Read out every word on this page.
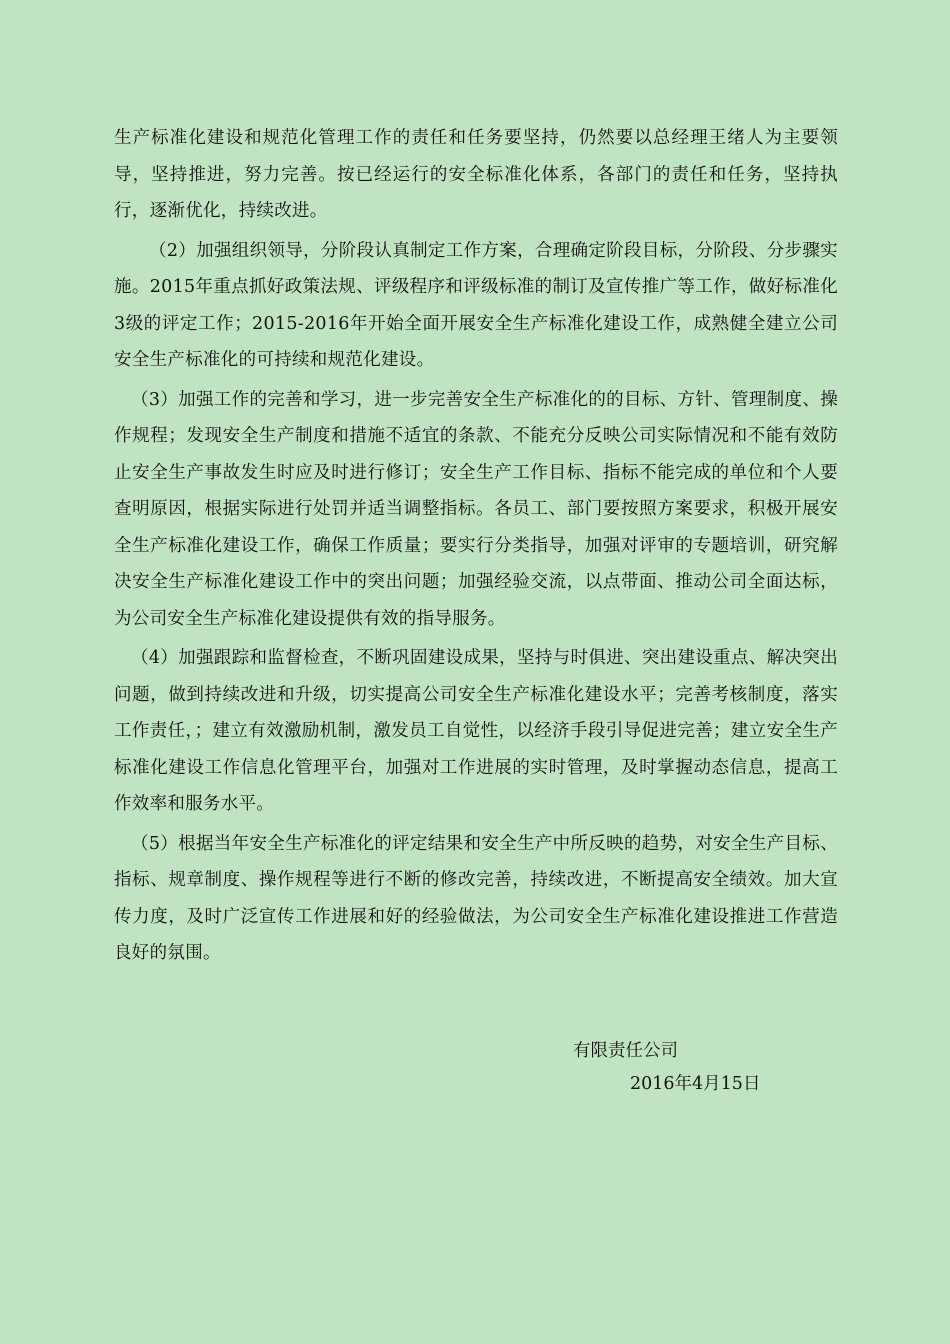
生产标准化建设和规范化管理工作的责任和任务要坚持，仍然要以总经理王绪人为主要领导，坚持推进，努力完善。按已经运行的安全标准化体系，各部门的责任和任务，坚持执行，逐渐优化，持续改进。

（2）加强组织领导，分阶段认真制定工作方案，合理确定阶段目标，分阶段、分步骤实施。2015年重点抓好政策法规、评级程序和评级标准的制订及宣传推广等工作，做好标准化3级的评定工作；2015-2016年开始全面开展安全生产标准化建设工作，成熟健全建立公司安全生产标准化的可持续和规范化建设。

（3）加强工作的完善和学习，进一步完善安全生产标准化的的目标、方针、管理制度、操作规程；发现安全生产制度和措施不适宜的条款、不能充分反映公司实际情况和不能有效防止安全生产事故发生时应及时进行修订；安全生产工作目标、指标不能完成的单位和个人要查明原因，根据实际进行处罚并适当调整指标。各员工、部门要按照方案要求，积极开展安全生产标准化建设工作，确保工作质量；要实行分类指导，加强对评审的专题培训，研究解决安全生产标准化建设工作中的突出问题；加强经验交流，以点带面、推动公司全面达标，为公司安全生产标准化建设提供有效的指导服务。

（4）加强跟踪和监督检查，不断巩固建设成果，坚持与时俱进、突出建设重点、解决突出问题，做到持续改进和升级，切实提高公司安全生产标准化建设水平；完善考核制度，落实工作责任，；建立有效激励机制，激发员工自觉性，以经济手段引导促进完善；建立安全生产标准化建设工作信息化管理平台，加强对工作进展的实时管理，及时掌握动态信息，提高工作效率和服务水平。

（5）根据当年安全生产标准化的评定结果和安全生产中所反映的趋势，对安全生产目标、指标、规章制度、操作规程等进行不断的修改完善，持续改进，不断提高安全绩效。加大宣传力度，及时广泛宣传工作进展和好的经验做法，为公司安全生产标准化建设推进工作营造良好的氛围。

有限责任公司
2016年4月15日
